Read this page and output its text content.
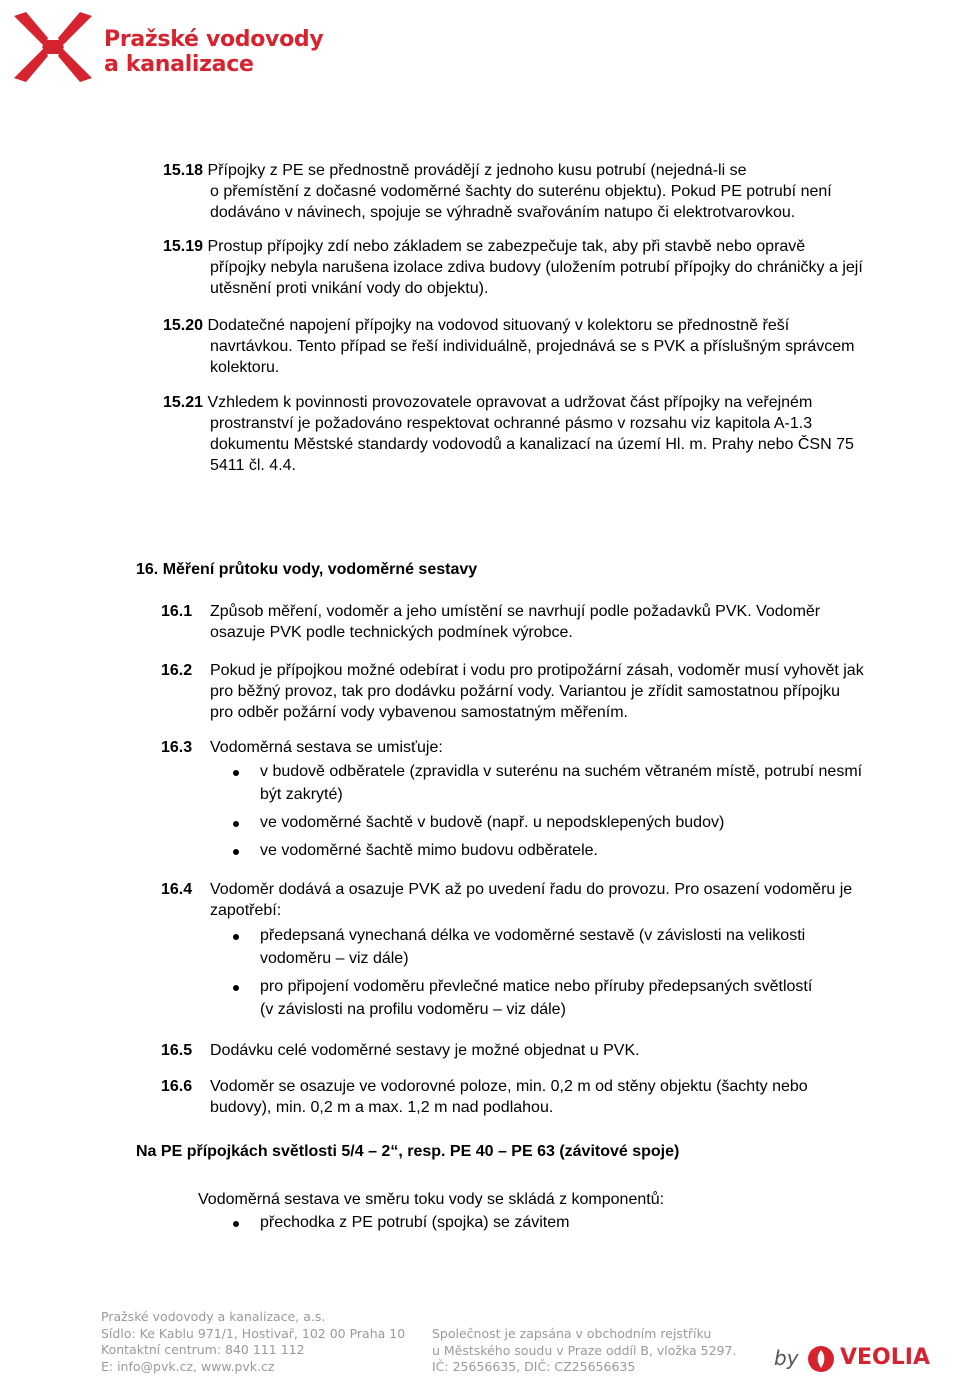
Pražské vodovody
a kanalizace
15.18 Přípojky z PE se přednostně provádějí z jednoho kusu potrubí (nejedná-li se
o přemístění z dočasné vodoměrné šachty do suterénu objektu). Pokud PE potrubí není
dodáváno v návinech, spojuje se výhradně svařováním natupo či elektrotvarovkou.
15.19 Prostup přípojky zdí nebo základem se zabezpečuje tak, aby při stavbě nebo opravě
přípojky nebyla narušena izolace zdiva budovy (uložením potrubí přípojky do chráničky a její
utěsnění proti vnikání vody do objektu).
15.20 Dodatečné napojení přípojky na vodovod situovaný v kolektoru se přednostně řeší
navrtávkou. Tento případ se řeší individuálně, projednává se s PVK a příslušným správcem
kolektoru.
15.21 Vzhledem k povinnosti provozovatele opravovat a udržovat část přípojky na veřejném
prostranství je požadováno respektovat ochranné pásmo v rozsahu viz kapitola A-1.3
dokumentu Městské standardy vodovodů a kanalizací na území Hl. m. Prahy nebo ČSN 75
5411 čl. 4.4.
16. Měření průtoku vody, vodoměrné sestavy
16.1 Způsob měření, vodoměr a jeho umístění se navrhují podle požadavků PVK. Vodoměr
osazuje PVK podle technických podmínek výrobce.
16.2 Pokud je přípojkou možné odebírat i vodu pro protipožární zásah, vodoměr musí vyhovět jak
pro běžný provoz, tak pro dodávku požární vody. Variantou je zřídit samostatnou přípojku
pro odběr požární vody vybavenou samostatným měřením.
16.3 Vodoměrná sestava se umisťuje:
v budově odběratele (zpravidla v suterénu na suchém větraném místě, potrubí nesmí
být zakryté)
ve vodoměrné šachtě v budově (např. u nepodsklepených budov)
ve vodoměrné šachtě mimo budovu odběratele.
16.4 Vodoměr dodává a osazuje PVK až po uvedení řadu do provozu. Pro osazení vodoměru je
zapotřebí:
předepsaná vynechaná délka ve vodoměrné sestavě (v závislosti na velikosti
vodoměru – viz dále)
pro připojení vodoměru převlečné matice nebo příruby předepsaných světlostí
(v závislosti na profilu vodoměru – viz dále)
16.5 Dodávku celé vodoměrné sestavy je možné objednat u PVK.
16.6 Vodoměr se osazuje ve vodorovné poloze, min. 0,2 m od stěny objektu (šachty nebo
budovy), min. 0,2 m a max. 1,2 m nad podlahou.
Na PE přípojkách světlosti 5/4 – 2“, resp. PE 40 – PE 63 (závitové spoje)
Vodoměrná sestava ve směru toku vody se skládá z komponentů:
přechodka z PE potrubí (spojka) se závitem
Pražské vodovody a kanalizace, a.s.
Sídlo: Ke Kablu 971/1, Hostivař, 102 00 Praha 10
Kontaktní centrum: 840 111 112
E: info@pvk.cz, www.pvk.cz
Společnost je zapsána v obchodním rejstříku
u Městského soudu v Praze oddíl B, vložka 5297.
IČ: 25656635, DIČ: CZ25656635	by VEOLIA
